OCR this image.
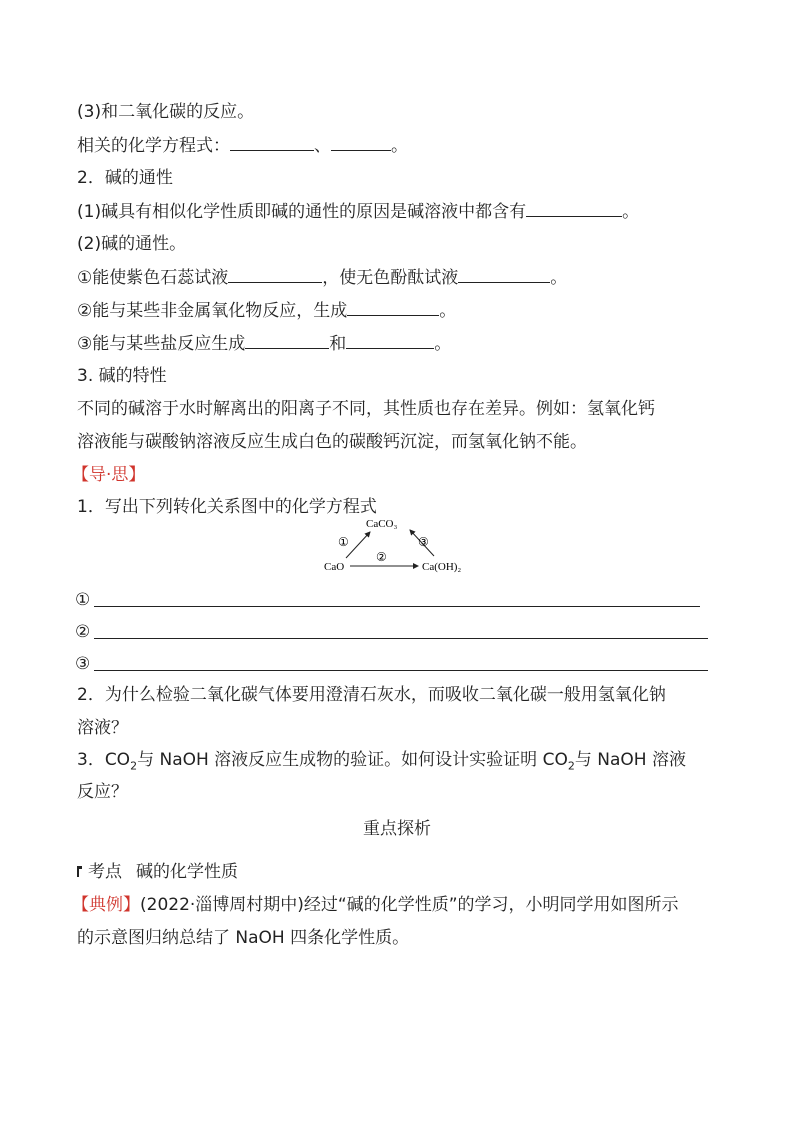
(3)和二氧化碳的反应。
相关的化学方程式：	、	。
2．碱的通性
(1)碱具有相似化学性质即碱的通性的原因是碱溶液中都含有	。
(2)碱的通性。
①能使紫色石蕊试液	，使无色酚酞试液	。
②能与某些非金属氧化物反应，生成	。
③能与某些盐反应生成	和	。
3. 碱的特性
不同的碱溶于水时解离出的阳离子不同，其性质也存在差异。例如：氢氧化钙
溶液能与碳酸钠溶液反应生成白色的碳酸钙沉淀，而氢氧化钠不能。
【导·思】
1．写出下列转化关系图中的化学方程式
CaCO₃
CaO	Ca(OH)₂
①
②
③
①
②
③
2．为什么检验二氧化碳气体要用澄清石灰水，而吸收二氧化碳一般用氢氧化钠
溶液？
3．$CO_2$与 NaOH 溶液反应生成物的验证。如何设计实验证明 $CO_2$与 NaOH 溶液
反应？
重点探析
考点 碱的化学性质
【典例】(2022·淄博周村期中)经过“碱的化学性质”的学习，小明同学用如图所示
的示意图归纳总结了 NaOH 四条化学性质。
